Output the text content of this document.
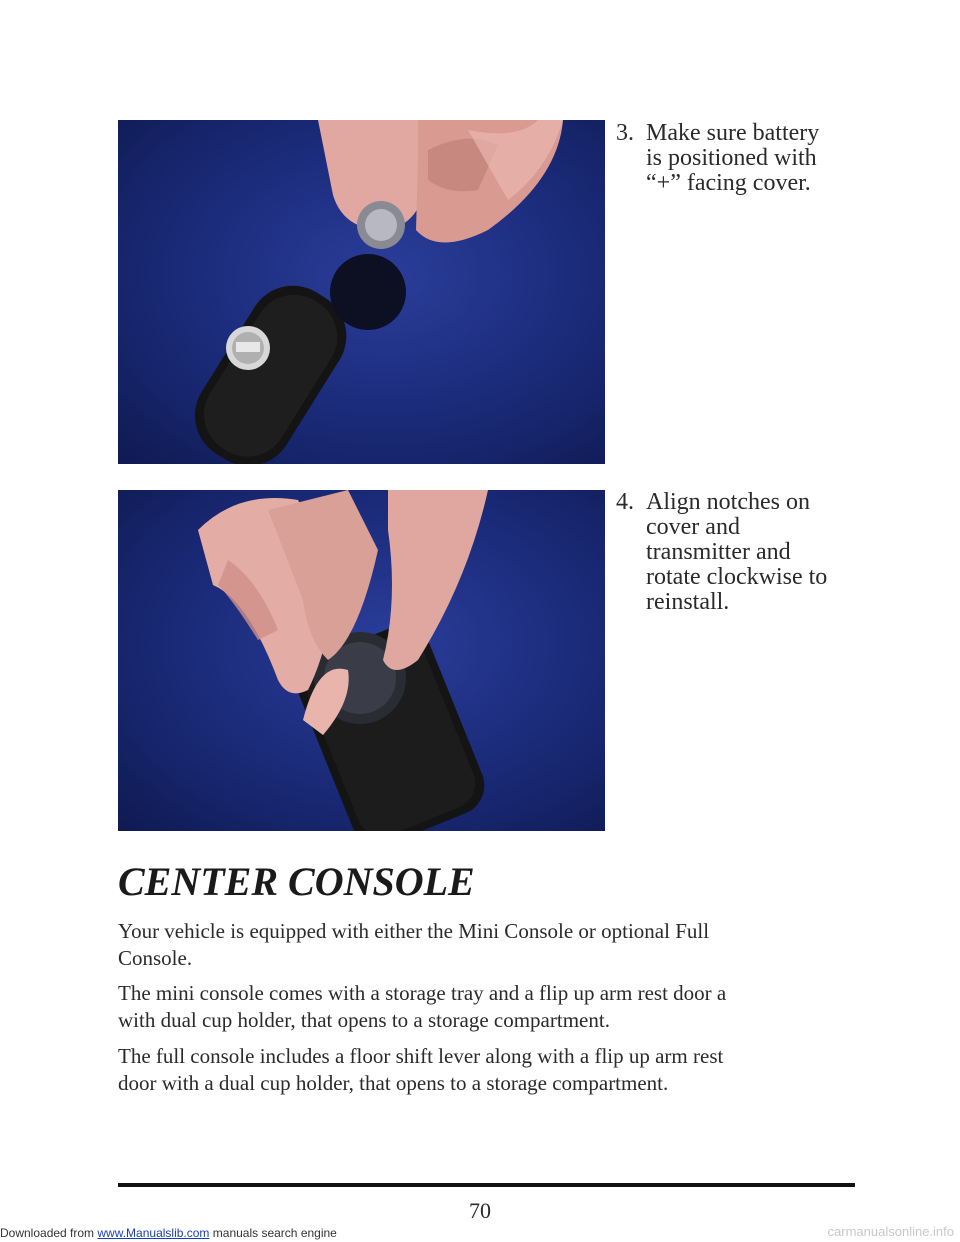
3. Make sure battery
is positioned with
“+” facing cover.
4. Align notches on
cover and
transmitter and
rotate clockwise to
reinstall.
CENTER CONSOLE
Your vehicle is equipped with either the Mini Console or optional Full
Console.
The mini console comes with a storage tray and a flip up arm rest door a
with dual cup holder, that opens to a storage compartment.
The full console includes a floor shift lever along with a flip up arm rest
door with a dual cup holder, that opens to a storage compartment.
70
Downloaded from www.Manualslib.com manuals search engine	carmanualsonline.info
